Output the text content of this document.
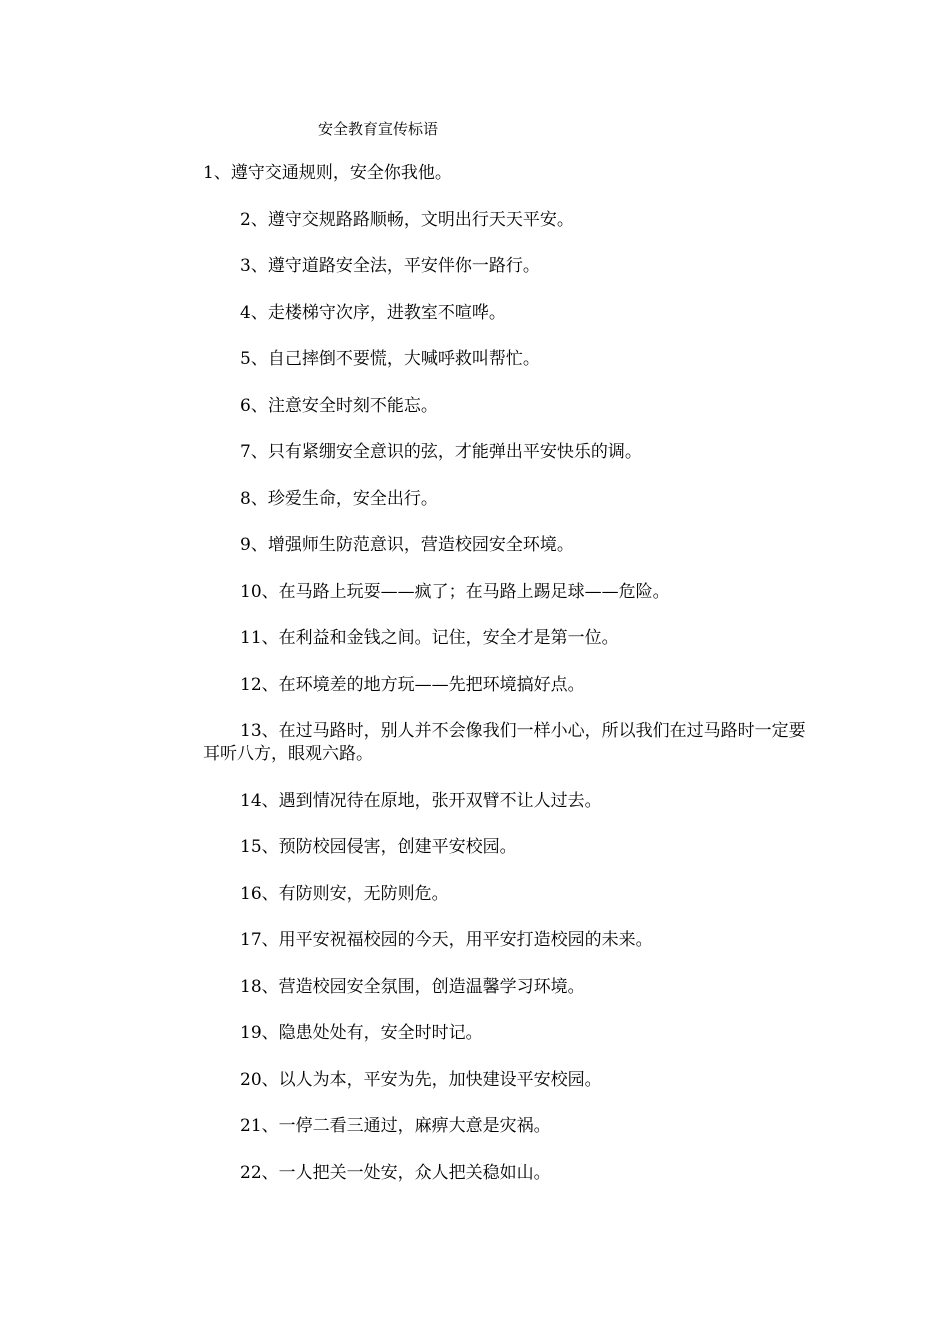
安全教育宣传标语
1、遵守交通规则，安全你我他。
2、遵守交规路路顺畅，文明出行天天平安。
3、遵守道路安全法，平安伴你一路行。
4、走楼梯守次序，进教室不喧哗。
5、自己摔倒不要慌，大喊呼救叫帮忙。
6、注意安全时刻不能忘。
7、只有紧绷安全意识的弦，才能弹出平安快乐的调。
8、珍爱生命，安全出行。
9、增强师生防范意识，营造校园安全环境。
10、在马路上玩耍——疯了；在马路上踢足球——危险。
11、在利益和金钱之间。记住，安全才是第一位。
12、在环境差的地方玩——先把环境搞好点。
13、在过马路时，别人并不会像我们一样小心，所以我们在过马路时一定要耳听八方，眼观六路。
14、遇到情况待在原地，张开双臂不让人过去。
15、预防校园侵害，创建平安校园。
16、有防则安，无防则危。
17、用平安祝福校园的今天，用平安打造校园的未来。
18、营造校园安全氛围，创造温馨学习环境。
19、隐患处处有，安全时时记。
20、以人为本，平安为先，加快建设平安校园。
21、一停二看三通过，麻痹大意是灾祸。
22、一人把关一处安，众人把关稳如山。
